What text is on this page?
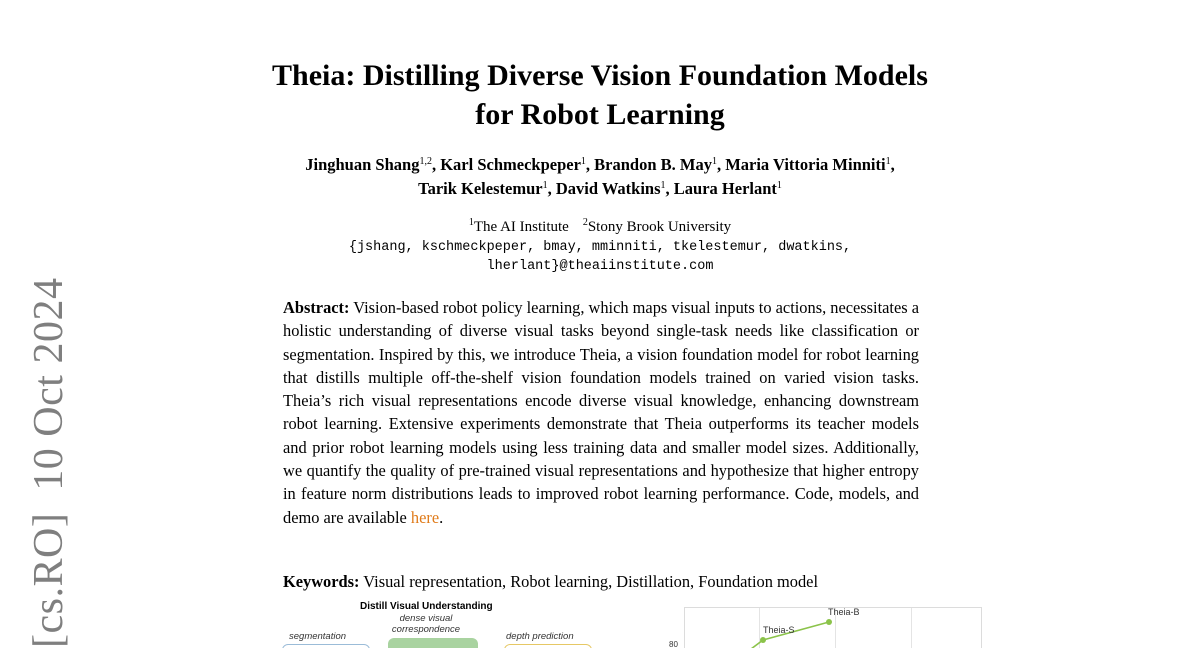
[cs.RO]10 Oct 2024
Theia: Distilling Diverse Vision Foundation Models
for Robot Learning
Jinghuan Shang$^{1,2}$, Karl Schmeckpeper$^1$, Brandon B. May$^1$, Maria Vittoria Minniti$^1$,
Tarik Kelestemur$^1$, David Watkins$^1$, Laura Herlant$^1$
$^1$The AI Institute $^2$Stony Brook University
{jshang, kschmeckpeper, bmay, mminniti, tkelestemur, dwatkins,
lherlant}@theaiinstitute.com
Abstract: Vision-based robot policy learning, which maps visual inputs to actions, necessitates a holistic understanding of diverse visual tasks beyond single-task needs like classification or segmentation. Inspired by this, we introduce Theia, a vision foundation model for robot learning that distills multiple off-the-shelf vision foundation models trained on varied vision tasks. Theia’s rich visual representations encode diverse visual knowledge, enhancing downstream robot learning. Extensive experiments demonstrate that Theia outperforms its teacher models and prior robot learning models using less training data and smaller model sizes. Additionally, we quantify the quality of pre-trained visual representations and hypothesize that higher entropy in feature norm distributions leads to improved robot learning performance. Code, models, and demo are available here.
Keywords: Visual representation, Robot learning, Distillation, Foundation model
Distill Visual Understanding
dense visual
correspondence
segmentation	depth prediction
Theia-S
Theia-B
80
